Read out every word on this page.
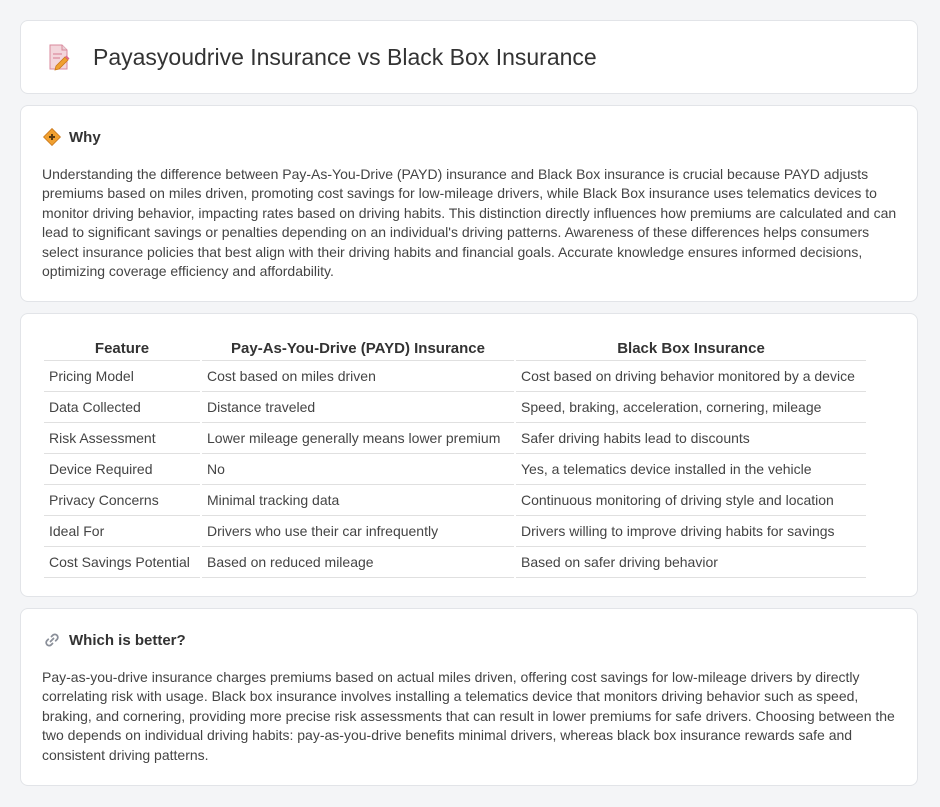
Payasyoudrive Insurance vs Black Box Insurance
Why

Understanding the difference between Pay-As-You-Drive (PAYD) insurance and Black Box insurance is crucial because PAYD adjusts premiums based on miles driven, promoting cost savings for low-mileage drivers, while Black Box insurance uses telematics devices to monitor driving behavior, impacting rates based on driving habits. This distinction directly influences how premiums are calculated and can lead to significant savings or penalties depending on an individual's driving patterns. Awareness of these differences helps consumers select insurance policies that best align with their driving habits and financial goals. Accurate knowledge ensures informed decisions, optimizing coverage efficiency and affordability.

Feature	Pay-As-You-Drive (PAYD) Insurance	Black Box Insurance
Pricing Model	Cost based on miles driven	Cost based on driving behavior monitored by a device
Data Collected	Distance traveled	Speed, braking, acceleration, cornering, mileage
Risk Assessment	Lower mileage generally means lower premium	Safer driving habits lead to discounts
Device Required	No	Yes, a telematics device installed in the vehicle
Privacy Concerns	Minimal tracking data	Continuous monitoring of driving style and location
Ideal For	Drivers who use their car infrequently	Drivers willing to improve driving habits for savings
Cost Savings Potential	Based on reduced mileage	Based on safer driving behavior
Which is better?

Pay-as-you-drive insurance charges premiums based on actual miles driven, offering cost savings for low-mileage drivers by directly correlating risk with usage. Black box insurance involves installing a telematics device that monitors driving behavior such as speed, braking, and cornering, providing more precise risk assessments that can result in lower premiums for safe drivers. Choosing between the two depends on individual driving habits: pay-as-you-drive benefits minimal drivers, whereas black box insurance rewards safe and consistent driving patterns.
